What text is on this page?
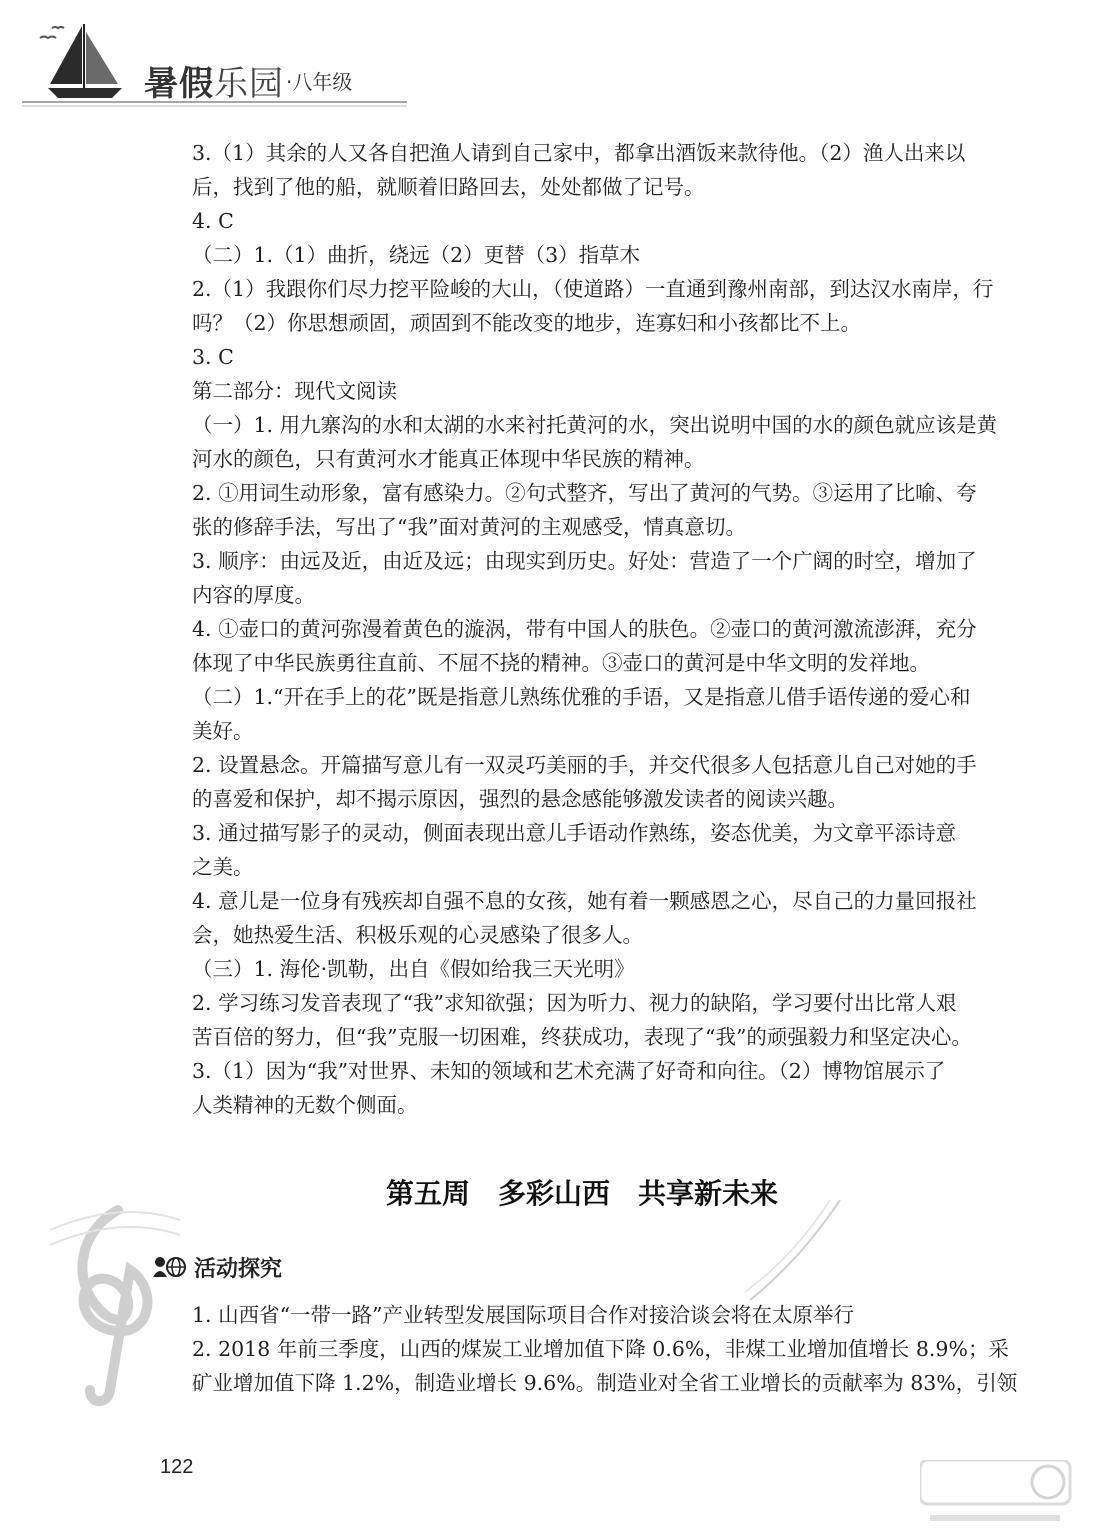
暑假乐园 ·八年级
3.（1）其余的人又各自把渔人请到自己家中，都拿出酒饭来款待他。（2）渔人出来以
后，找到了他的船，就顺着旧路回去，处处都做了记号。
4. C
（二）1.（1）曲折，绕远（2）更替（3）指草木
2.（1）我跟你们尽力挖平险峻的大山，（使道路）一直通到豫州南部，到达汉水南岸，行
吗？（2）你思想顽固，顽固到不能改变的地步，连寡妇和小孩都比不上。
3. C
第二部分：现代文阅读
（一）1. 用九寨沟的水和太湖的水来衬托黄河的水，突出说明中国的水的颜色就应该是黄
河水的颜色，只有黄河水才能真正体现中华民族的精神。
2. ①用词生动形象，富有感染力。②句式整齐，写出了黄河的气势。③运用了比喻、夸
张的修辞手法，写出了“我”面对黄河的主观感受，情真意切。
3. 顺序：由远及近，由近及远；由现实到历史。好处：营造了一个广阔的时空，增加了
内容的厚度。
4. ①壶口的黄河弥漫着黄色的漩涡，带有中国人的肤色。②壶口的黄河激流澎湃，充分
体现了中华民族勇往直前、不屈不挠的精神。③壶口的黄河是中华文明的发祥地。
（二）1.“开在手上的花”既是指意儿熟练优雅的手语，又是指意儿借手语传递的爱心和
美好。
2. 设置悬念。开篇描写意儿有一双灵巧美丽的手，并交代很多人包括意儿自己对她的手
的喜爱和保护，却不揭示原因，强烈的悬念感能够激发读者的阅读兴趣。
3. 通过描写影子的灵动，侧面表现出意儿手语动作熟练，姿态优美，为文章平添诗意
之美。
4. 意儿是一位身有残疾却自强不息的女孩，她有着一颗感恩之心，尽自己的力量回报社
会，她热爱生活、积极乐观的心灵感染了很多人。
（三）1. 海伦·凯勒，出自《假如给我三天光明》
2. 学习练习发音表现了“我”求知欲强；因为听力、视力的缺陷，学习要付出比常人艰
苦百倍的努力，但“我”克服一切困难，终获成功，表现了“我”的顽强毅力和坚定决心。
3.（1）因为“我”对世界、未知的领域和艺术充满了好奇和向往。（2）博物馆展示了
人类精神的无数个侧面。
第五周　多彩山西　共享新未来
活动探究
1. 山西省“一带一路”产业转型发展国际项目合作对接洽谈会将在太原举行
2. 2018 年前三季度，山西的煤炭工业增加值下降 0.6%，非煤工业增加值增长 8.9%；采
矿业增加值下降 1.2%，制造业增长 9.6%。制造业对全省工业增长的贡献率为 83%，引领
122
